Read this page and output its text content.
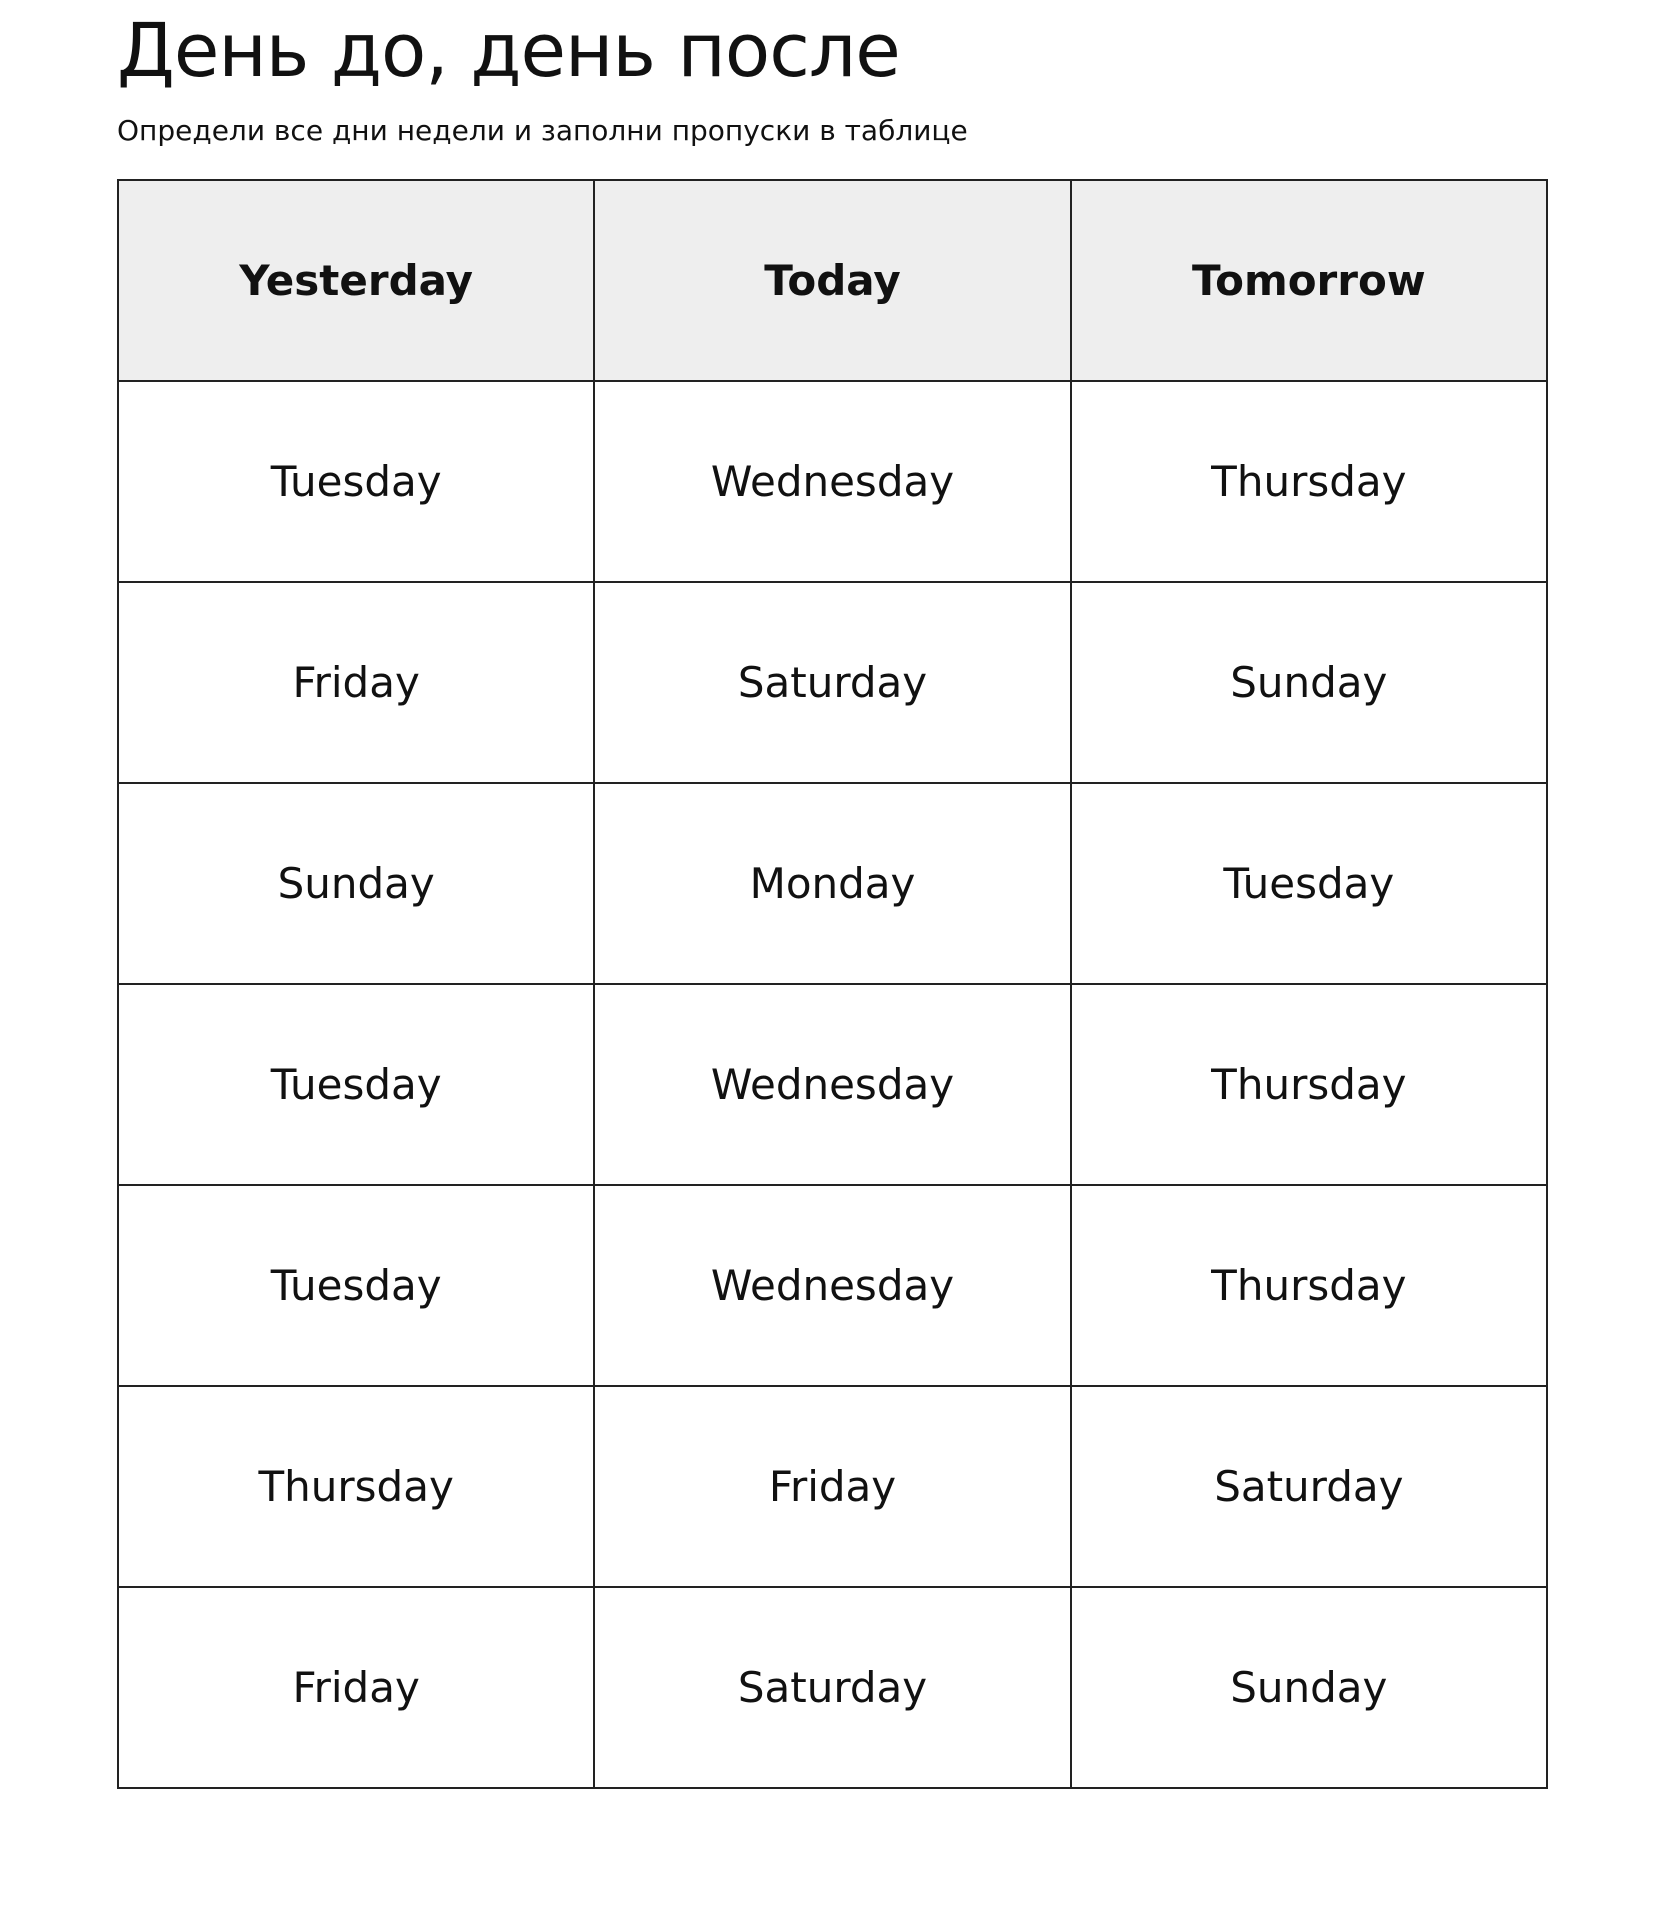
День до, день после

Определи все дни недели и заполни пропуски в таблице

Yesterday	Today	Tomorrow
Tuesday	Wednesday	Thursday
Friday	Saturday	Sunday
Sunday	Monday	Tuesday
Tuesday	Wednesday	Thursday
Tuesday	Wednesday	Thursday
Thursday	Friday	Saturday
Friday	Saturday	Sunday
